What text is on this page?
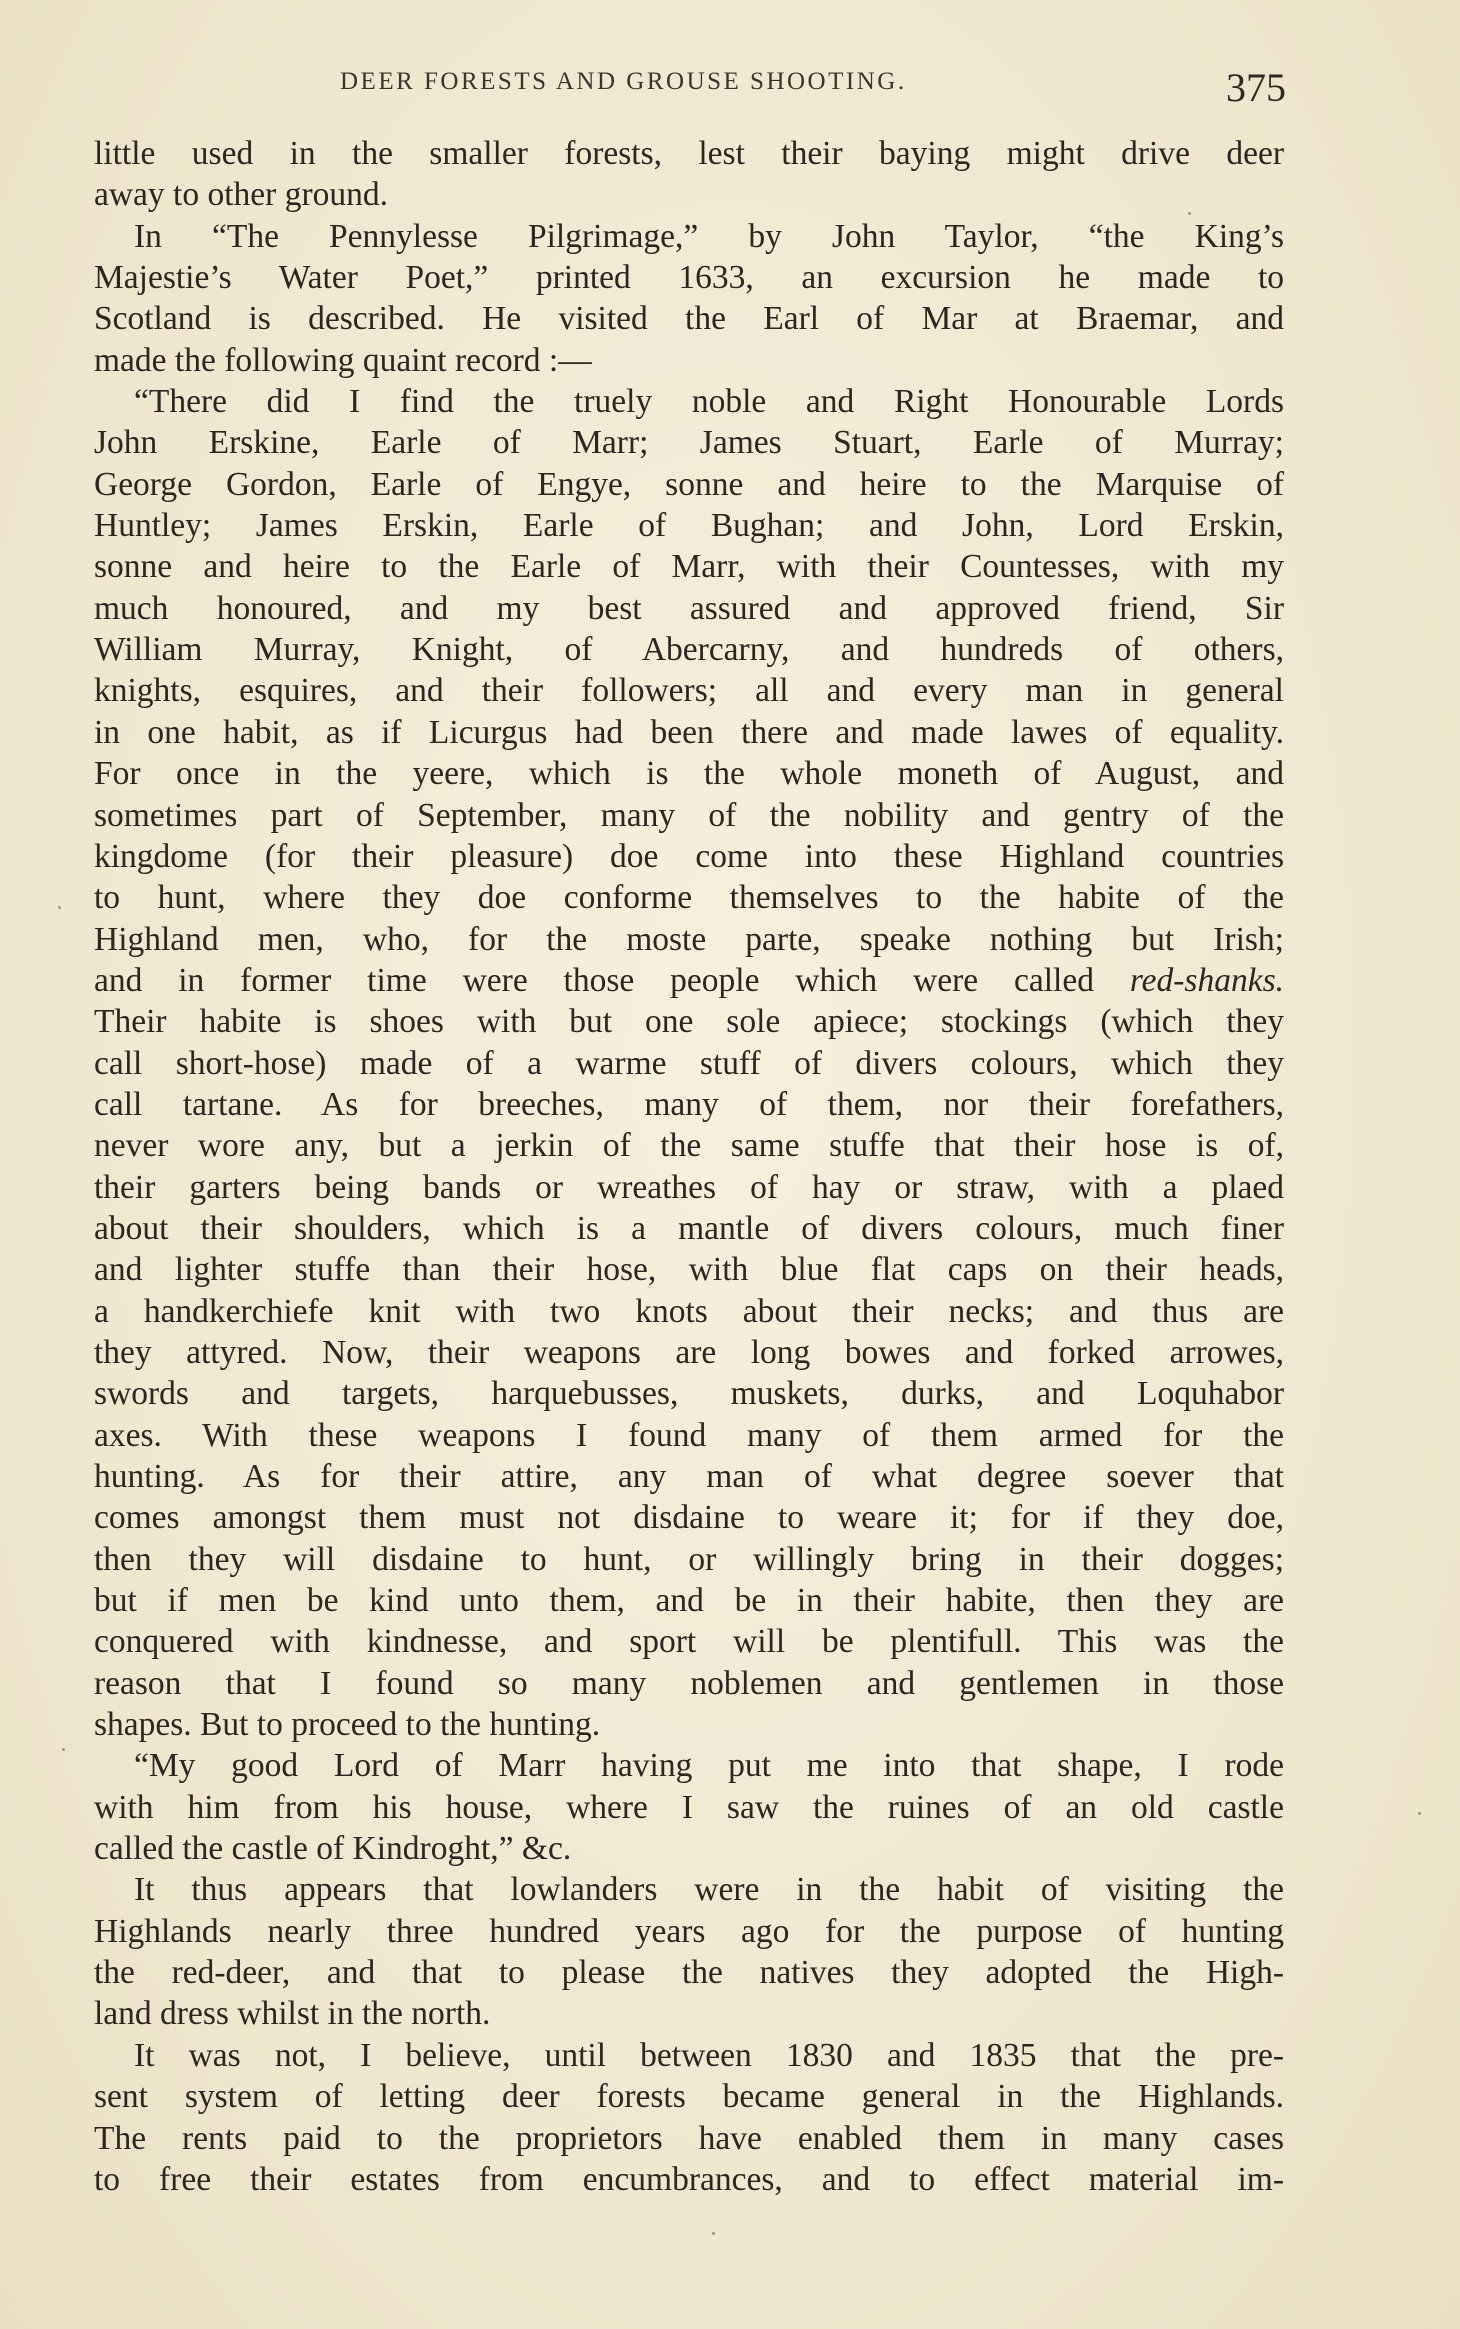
DEER FORESTS AND GROUSE SHOOTING.	375
little used in the smaller forests, lest their baying might drive deer
away to other ground.
In “The Pennylesse Pilgrimage,” by John Taylor, “the King’s
Majestie’s Water Poet,” printed 1633, an excursion he made to
Scotland is described. He visited the Earl of Mar at Braemar, and
made the following quaint record :—
“There did I find the truely noble and Right Honourable Lords
John Erskine, Earle of Marr; James Stuart, Earle of Murray;
George Gordon, Earle of Engye, sonne and heire to the Marquise of
Huntley; James Erskin, Earle of Bughan; and John, Lord Erskin,
sonne and heire to the Earle of Marr, with their Countesses, with my
much honoured, and my best assured and approved friend, Sir
William Murray, Knight, of Abercarny, and hundreds of others,
knights, esquires, and their followers; all and every man in general
in one habit, as if Licurgus had been there and made lawes of equality.
For once in the yeere, which is the whole moneth of August, and
sometimes part of September, many of the nobility and gentry of the
kingdome (for their pleasure) doe come into these Highland countries
to hunt, where they doe conforme themselves to the habite of the
Highland men, who, for the moste parte, speake nothing but Irish;
and in former time were those people which were called red-shanks.
Their habite is shoes with but one sole apiece; stockings (which they
call short-hose) made of a warme stuff of divers colours, which they
call tartane. As for breeches, many of them, nor their forefathers,
never wore any, but a jerkin of the same stuffe that their hose is of,
their garters being bands or wreathes of hay or straw, with a plaed
about their shoulders, which is a mantle of divers colours, much finer
and lighter stuffe than their hose, with blue flat caps on their heads,
a handkerchiefe knit with two knots about their necks; and thus are
they attyred. Now, their weapons are long bowes and forked arrowes,
swords and targets, harquebusses, muskets, durks, and Loquhabor
axes. With these weapons I found many of them armed for the
hunting. As for their attire, any man of what degree soever that
comes amongst them must not disdaine to weare it; for if they doe,
then they will disdaine to hunt, or willingly bring in their dogges;
but if men be kind unto them, and be in their habite, then they are
conquered with kindnesse, and sport will be plentifull. This was the
reason that I found so many noblemen and gentlemen in those
shapes. But to proceed to the hunting.
“My good Lord of Marr having put me into that shape, I rode
with him from his house, where I saw the ruines of an old castle
called the castle of Kindroght,” &c.
It thus appears that lowlanders were in the habit of visiting the
Highlands nearly three hundred years ago for the purpose of hunting
the red-deer, and that to please the natives they adopted the High-
land dress whilst in the north.
It was not, I believe, until between 1830 and 1835 that the pre-
sent system of letting deer forests became general in the Highlands.
The rents paid to the proprietors have enabled them in many cases
to free their estates from encumbrances, and to effect material im-
